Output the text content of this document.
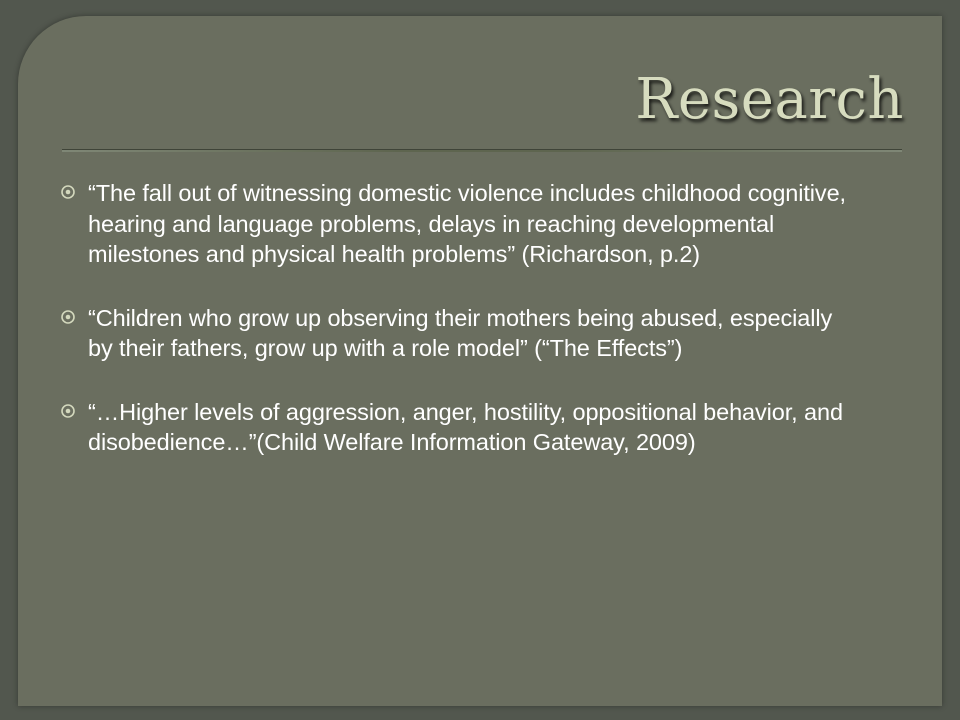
Research
“The fall out of witnessing domestic violence includes childhood cognitive, hearing and language problems, delays in reaching developmental milestones and physical health problems” (Richardson, p.2)
“Children who grow up observing their mothers being abused, especially by their fathers, grow up with a role model” (“The Effects”)
“…Higher levels of aggression, anger, hostility, oppositional behavior, and disobedience…”(Child Welfare Information Gateway, 2009)
